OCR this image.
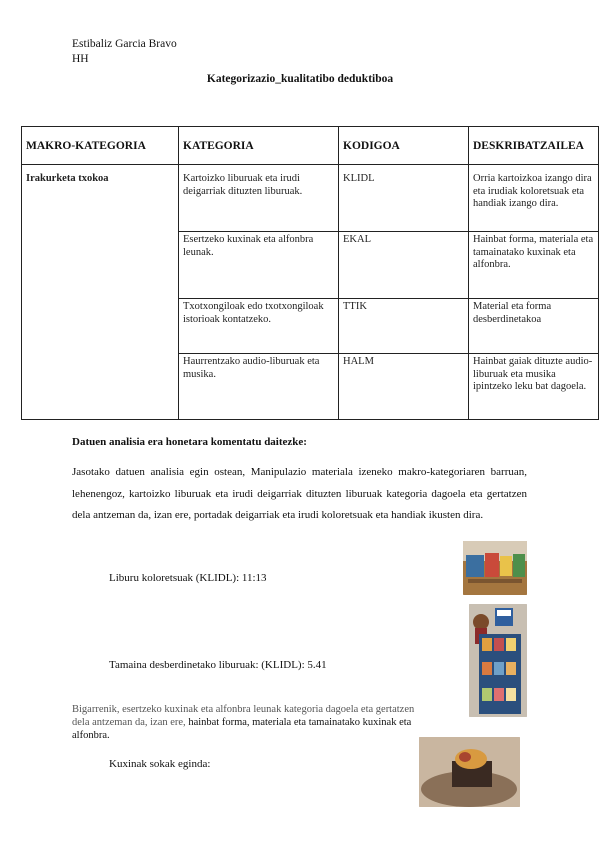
Estibaliz Garcia Bravo
HH
Kategorizazio_kualitatibo deduktiboa
MAKRO-KATEGORIA	KATEGORIA	KODIGOA	DESKRIBATZAILEA
Irakurketa txokoa	Kartoizko liburuak eta irudi deigarriak dituzten liburuak.	KLIDL	Orria kartoizkoa izango dira eta irudiak koloretsuak eta handiak izango dira.
	Esertzeko kuxinak eta alfonbra leunak.	EKAL	Hainbat forma, materiala eta tamainatako kuxinak eta alfonbra.
	Txotxongiloak edo txotxongiloak istorioak kontatzeko.	TTIK	Material eta forma desberdinetakoa
	Haurrentzako audio-liburuak eta musika.	HALM	Hainbat gaiak dituzte audio-liburuak eta musika ipintzeko leku bat dagoela.
Datuen analisia era honetara komentatu daitezke:
Jasotako datuen analisia egin ostean, Manipulazio materiala izeneko makro-kategoriaren barruan, lehenengoz, kartoizko liburuak eta irudi deigarriak dituzten liburuak kategoria dagoela eta gertatzen dela antzeman da, izan ere, portadak deigarriak eta irudi koloretsuak eta handiak ikusten dira.
Liburu koloretsuak (KLIDL): 11:13
Tamaina desberdinetako liburuak: (KLIDL): 5.41
Bigarrenik, esertzeko kuxinak eta alfonbra leunak kategoria dagoela eta gertatzen dela antzeman da, izan ere, hainbat forma, materiala eta tamainatako kuxinak eta alfonbra.
Kuxinak sokak eginda:
